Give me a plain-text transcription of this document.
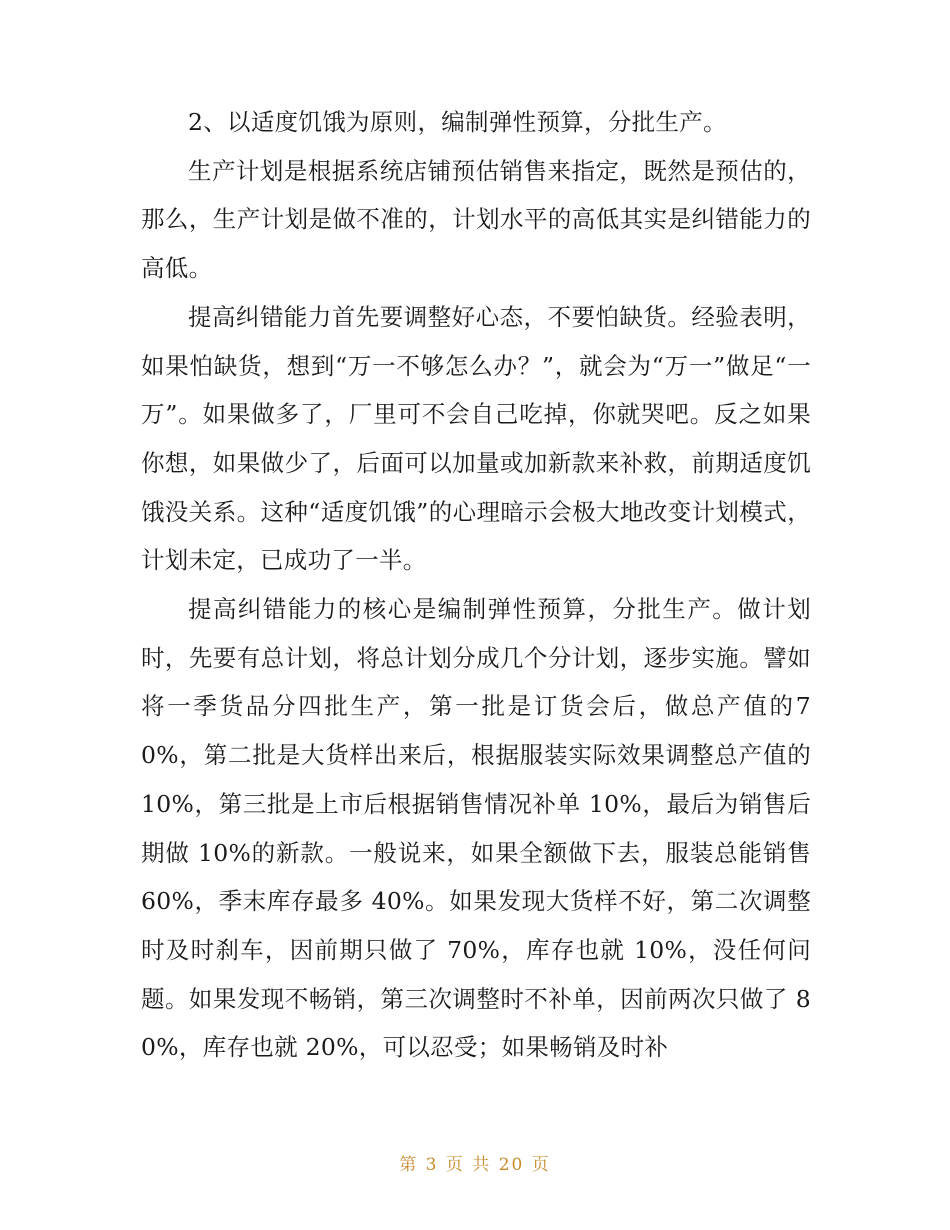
2、以适度饥饿为原则，编制弹性预算，分批生产。

生产计划是根据系统店铺预估销售来指定，既然是预估的，那么，生产计划是做不准的，计划水平的高低其实是纠错能力的高低。

提高纠错能力首先要调整好心态，不要怕缺货。经验表明，如果怕缺货，想到“万一不够怎么办？”，就会为“万一”做足“一万”。如果做多了，厂里可不会自己吃掉，你就哭吧。反之如果你想，如果做少了，后面可以加量或加新款来补救，前期适度饥饿没关系。这种“适度饥饿”的心理暗示会极大地改变计划模式，计划未定，已成功了一半。

提高纠错能力的核心是编制弹性预算，分批生产。做计划时，先要有总计划，将总计划分成几个分计划，逐步实施。譬如将一季货品分四批生产，第一批是订货会后，做总产值的70%，第二批是大货样出来后，根据服装实际效果调整总产值的 10%，第三批是上市后根据销售情况补单 10%，最后为销售后期做 10%的新款。一般说来，如果全额做下去，服装总能销售 60%，季末库存最多 40%。如果发现大货样不好，第二次调整时及时刹车，因前期只做了 70%，库存也就 10%，没任何问题。如果发现不畅销，第三次调整时不补单，因前两次只做了 80%，库存也就 20%，可以忍受；如果畅销及时补

第 3 页 共 20 页
